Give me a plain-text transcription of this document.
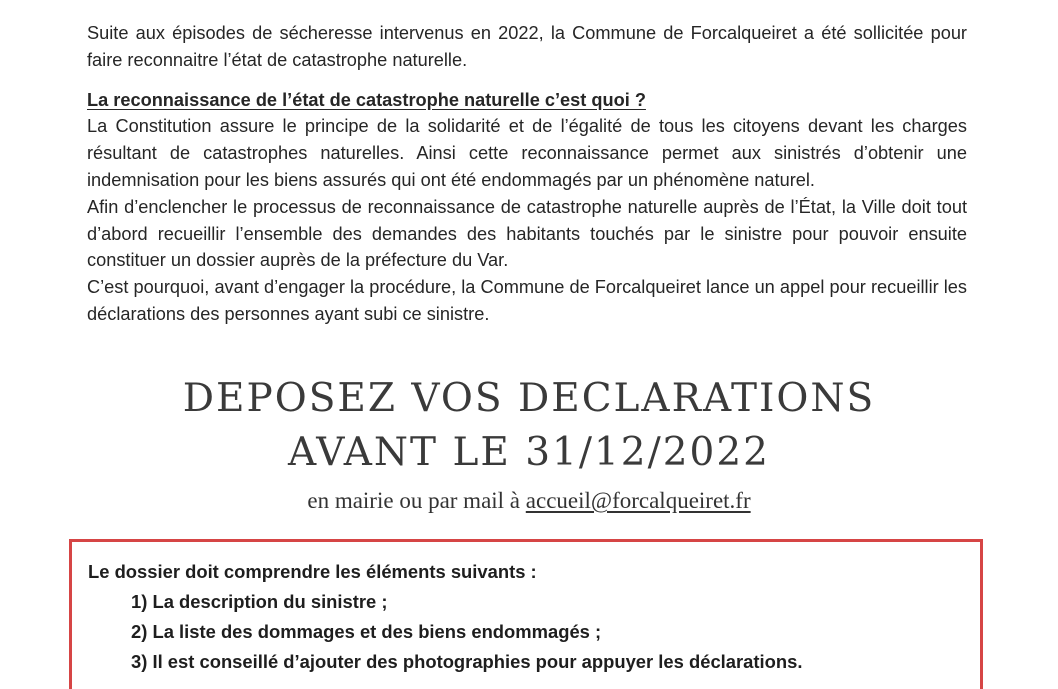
Suite aux épisodes de sécheresse intervenus en 2022, la Commune de Forcalqueiret a été sollicitée pour faire reconnaitre l’état de catastrophe naturelle.

La reconnaissance de l’état de catastrophe naturelle c’est quoi ?

La Constitution assure le principe de la solidarité et de l’égalité de tous les citoyens devant les charges résultant de catastrophes naturelles. Ainsi cette reconnaissance permet aux sinistrés d’obtenir une indemnisation pour les biens assurés qui ont été endommagés par un phénomène naturel.

Afin d’enclencher le processus de reconnaissance de catastrophe naturelle auprès de l’État, la Ville doit tout d’abord recueillir l’ensemble des demandes des habitants touchés par le sinistre pour pouvoir ensuite constituer un dossier auprès de la préfecture du Var.

C’est pourquoi, avant d’engager la procédure, la Commune de Forcalqueiret lance un appel pour recueillir les déclarations des personnes ayant subi ce sinistre.

DEPOSEZ VOS DECLARATIONS
AVANT LE 31/12/2022
en mairie ou par mail à accueil@forcalqueiret.fr
Le dossier doit comprendre les éléments suivants :
1) La description du sinistre ;
2) La liste des dommages et des biens endommagés ;
3) Il est conseillé d’ajouter des photographies pour appuyer les déclarations.
